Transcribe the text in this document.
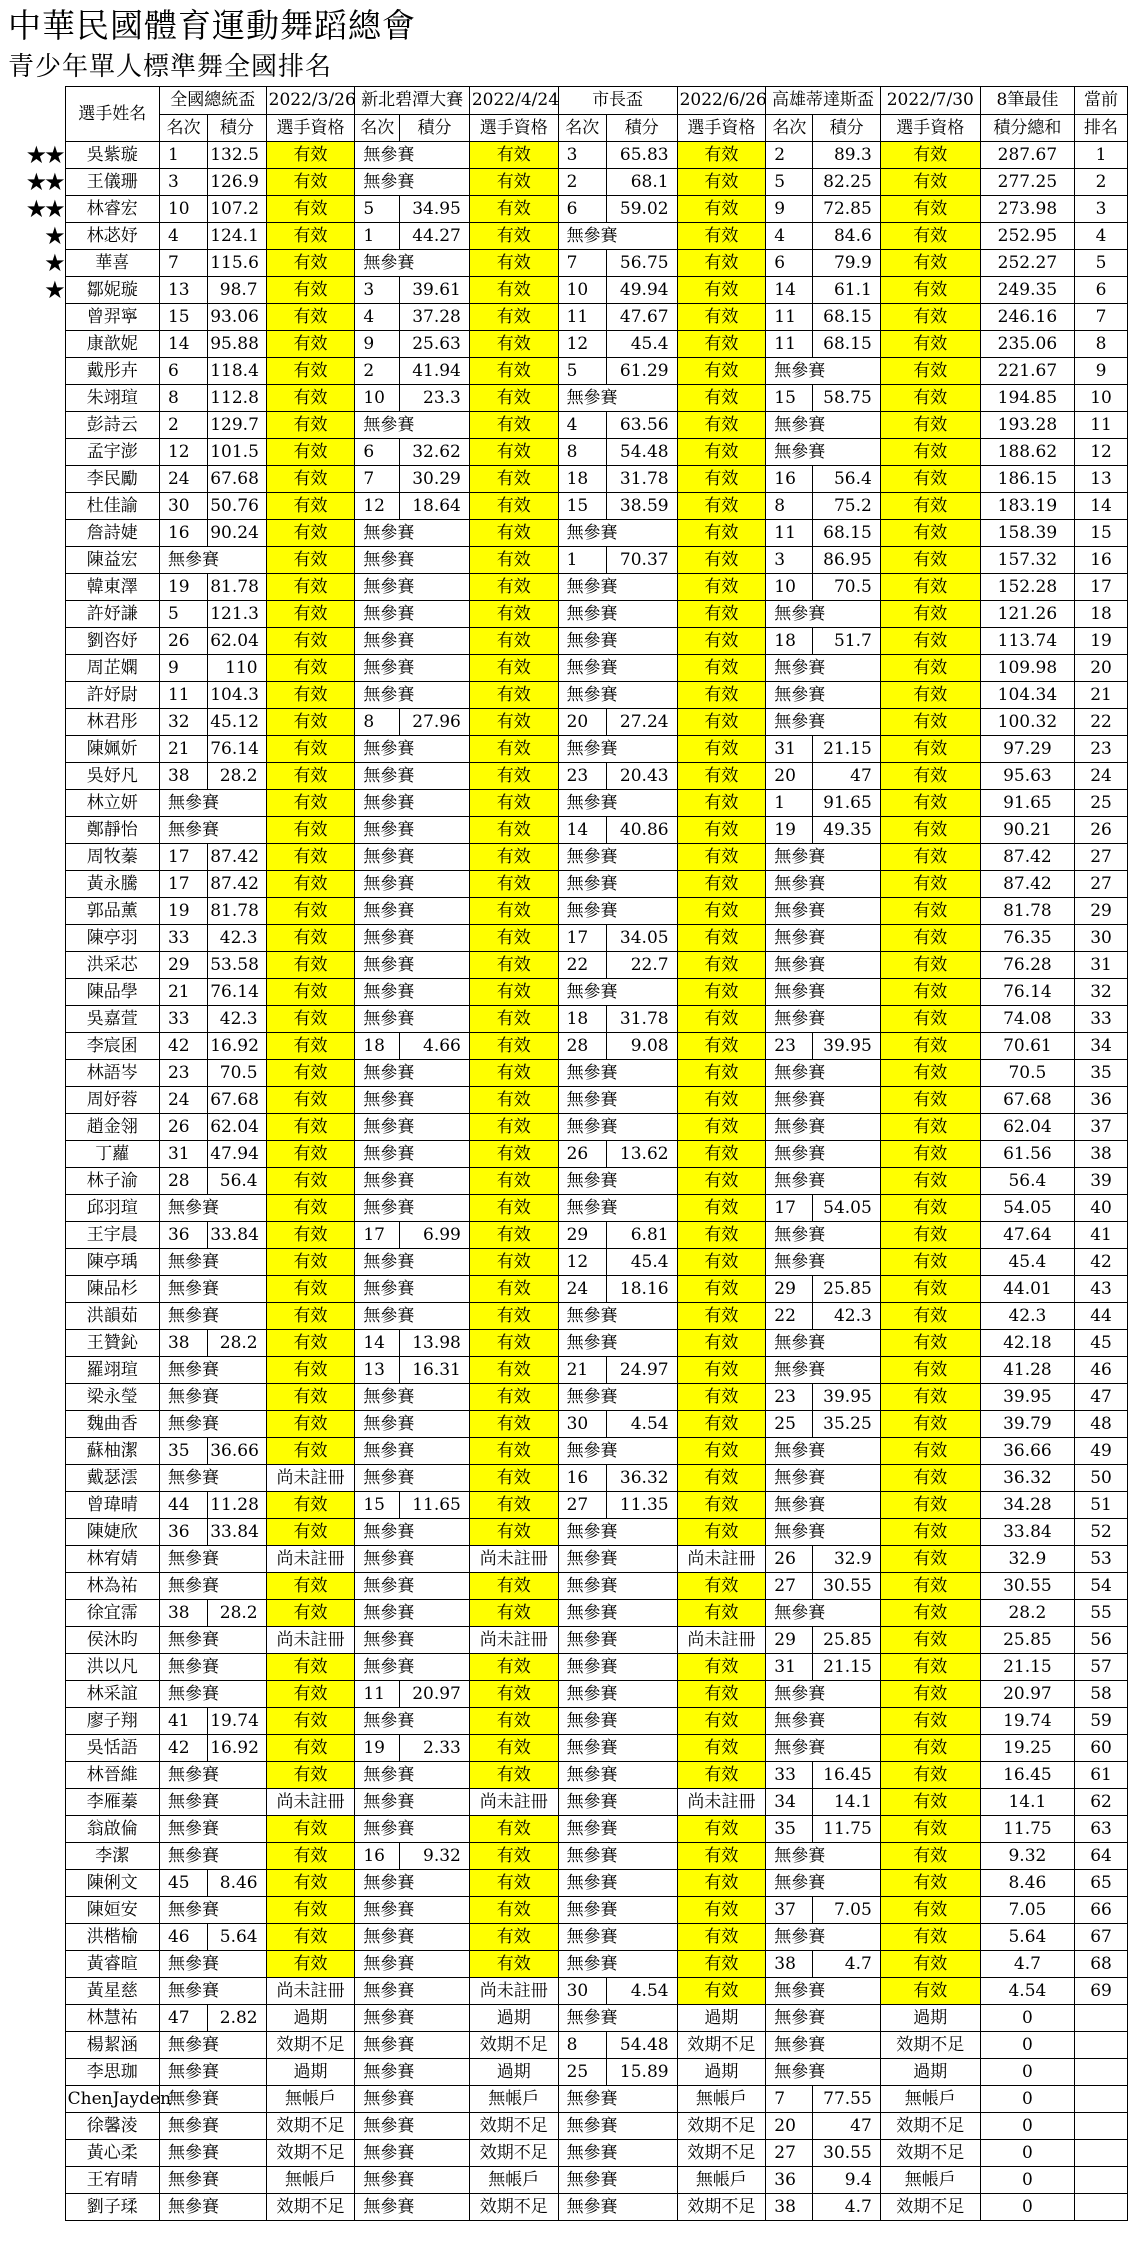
中華民國體育運動舞蹈總會
青少年單人標準舞全國排名
	選手姓名	全國總統盃		2022/3/26	新北碧潭大賽		2022/4/24	市長盃		2022/6/26	高雄蒂達斯盃		2022/7/30	8筆最佳	當前
		名次	積分	選手資格	名次	積分	選手資格	名次	積分	選手資格	名次	積分	選手資格	積分總和	排名
★★	吳紫璇	1	132.5	有效	無參賽		有效	3	65.83	有效	2	89.3	有效	287.67	1
★★	王儀珊	3	126.9	有效	無參賽		有效	2	68.1	有效	5	82.25	有效	277.25	2
★★	林睿宏	10	107.2	有效	5	34.95	有效	6	59.02	有效	9	72.85	有效	273.98	3
★	林苾妤	4	124.1	有效	1	44.27	有效	無參賽		有效	4	84.6	有效	252.95	4
★	華喜	7	115.6	有效	無參賽		有效	7	56.75	有效	6	79.9	有效	252.27	5
★	鄒妮璇	13	98.7	有效	3	39.61	有效	10	49.94	有效	14	61.1	有效	249.35	6
	曾羿寧	15	93.06	有效	4	37.28	有效	11	47.67	有效	11	68.15	有效	246.16	7
	康歆妮	14	95.88	有效	9	25.63	有效	12	45.4	有效	11	68.15	有效	235.06	8
	戴彤卉	6	118.4	有效	2	41.94	有效	5	61.29	有效	無參賽		有效	221.67	9
	朱翊瑄	8	112.8	有效	10	23.3	有效	無參賽		有效	15	58.75	有效	194.85	10
	彭詩云	2	129.7	有效	無參賽		有效	4	63.56	有效	無參賽		有效	193.28	11
	孟宇澎	12	101.5	有效	6	32.62	有效	8	54.48	有效	無參賽		有效	188.62	12
	李民勵	24	67.68	有效	7	30.29	有效	18	31.78	有效	16	56.4	有效	186.15	13
	杜佳諭	30	50.76	有效	12	18.64	有效	15	38.59	有效	8	75.2	有效	183.19	14
	詹詩婕	16	90.24	有效	無參賽		有效	無參賽		有效	11	68.15	有效	158.39	15
	陳益宏	無參賽		有效	無參賽		有效	1	70.37	有效	3	86.95	有效	157.32	16
	韓東澤	19	81.78	有效	無參賽		有效	無參賽		有效	10	70.5	有效	152.28	17
	許妤謙	5	121.3	有效	無參賽		有效	無參賽		有效	無參賽		有效	121.26	18
	劉咨妤	26	62.04	有效	無參賽		有效	無參賽		有效	18	51.7	有效	113.74	19
	周芷嫻	9	110	有效	無參賽		有效	無參賽		有效	無參賽		有效	109.98	20
	許妤尉	11	104.3	有效	無參賽		有效	無參賽		有效	無參賽		有效	104.34	21
	林君彤	32	45.12	有效	8	27.96	有效	20	27.24	有效	無參賽		有效	100.32	22
	陳姵妡	21	76.14	有效	無參賽		有效	無參賽		有效	31	21.15	有效	97.29	23
	吳妤凡	38	28.2	有效	無參賽		有效	23	20.43	有效	20	47	有效	95.63	24
	林立妍	無參賽		有效	無參賽		有效	無參賽		有效	1	91.65	有效	91.65	25
	鄭靜怡	無參賽		有效	無參賽		有效	14	40.86	有效	19	49.35	有效	90.21	26
	周牧蓁	17	87.42	有效	無參賽		有效	無參賽		有效	無參賽		有效	87.42	27
	黃永騰	17	87.42	有效	無參賽		有效	無參賽		有效	無參賽		有效	87.42	27
	郭品薰	19	81.78	有效	無參賽		有效	無參賽		有效	無參賽		有效	81.78	29
	陳亭羽	33	42.3	有效	無參賽		有效	17	34.05	有效	無參賽		有效	76.35	30
	洪采芯	29	53.58	有效	無參賽		有效	22	22.7	有效	無參賽		有效	76.28	31
	陳品學	21	76.14	有效	無參賽		有效	無參賽		有效	無參賽		有效	76.14	32
	吳嘉萱	33	42.3	有效	無參賽		有效	18	31.78	有效	無參賽		有效	74.08	33
	李宸囷	42	16.92	有效	18	4.66	有效	28	9.08	有效	23	39.95	有效	70.61	34
	林語岑	23	70.5	有效	無參賽		有效	無參賽		有效	無參賽		有效	70.5	35
	周妤蓉	24	67.68	有效	無參賽		有效	無參賽		有效	無參賽		有效	67.68	36
	趙金翎	26	62.04	有效	無參賽		有效	無參賽		有效	無參賽		有效	62.04	37
	丁蘿	31	47.94	有效	無參賽		有效	26	13.62	有效	無參賽		有效	61.56	38
	林子渝	28	56.4	有效	無參賽		有效	無參賽		有效	無參賽		有效	56.4	39
	邱羽瑄	無參賽		有效	無參賽		有效	無參賽		有效	17	54.05	有效	54.05	40
	王宇晨	36	33.84	有效	17	6.99	有效	29	6.81	有效	無參賽		有效	47.64	41
	陳亭瑀	無參賽		有效	無參賽		有效	12	45.4	有效	無參賽		有效	45.4	42
	陳品杉	無參賽		有效	無參賽		有效	24	18.16	有效	29	25.85	有效	44.01	43
	洪韻茹	無參賽		有效	無參賽		有效	無參賽		有效	22	42.3	有效	42.3	44
	王贊鈊	38	28.2	有效	14	13.98	有效	無參賽		有效	無參賽		有效	42.18	45
	羅翊瑄	無參賽		有效	13	16.31	有效	21	24.97	有效	無參賽		有效	41.28	46
	梁永瑩	無參賽		有效	無參賽		有效	無參賽		有效	23	39.95	有效	39.95	47
	魏曲香	無參賽		有效	無參賽		有效	30	4.54	有效	25	35.25	有效	39.79	48
	蘇柚潔	35	36.66	有效	無參賽		有效	無參賽		有效	無參賽		有效	36.66	49
	戴瑟澐	無參賽		尚未註冊	無參賽		有效	16	36.32	有效	無參賽		有效	36.32	50
	曾瑋晴	44	11.28	有效	15	11.65	有效	27	11.35	有效	無參賽		有效	34.28	51
	陳婕欣	36	33.84	有效	無參賽		有效	無參賽		有效	無參賽		有效	33.84	52
	林宥婧	無參賽		尚未註冊	無參賽		尚未註冊	無參賽		尚未註冊	26	32.9	有效	32.9	53
	林為祐	無參賽		有效	無參賽		有效	無參賽		有效	27	30.55	有效	30.55	54
	徐宜霈	38	28.2	有效	無參賽		有效	無參賽		有效	無參賽		有效	28.2	55
	侯沐昀	無參賽		尚未註冊	無參賽		尚未註冊	無參賽		尚未註冊	29	25.85	有效	25.85	56
	洪以凡	無參賽		有效	無參賽		有效	無參賽		有效	31	21.15	有效	21.15	57
	林采誼	無參賽		有效	11	20.97	有效	無參賽		有效	無參賽		有效	20.97	58
	廖子翔	41	19.74	有效	無參賽		有效	無參賽		有效	無參賽		有效	19.74	59
	吳恬語	42	16.92	有效	19	2.33	有效	無參賽		有效	無參賽		有效	19.25	60
	林晉維	無參賽		有效	無參賽		有效	無參賽		有效	33	16.45	有效	16.45	61
	李雁蓁	無參賽		尚未註冊	無參賽		尚未註冊	無參賽		尚未註冊	34	14.1	有效	14.1	62
	翁啟倫	無參賽		有效	無參賽		有效	無參賽		有效	35	11.75	有效	11.75	63
	李潔	無參賽		有效	16	9.32	有效	無參賽		有效	無參賽		有效	9.32	64
	陳俐文	45	8.46	有效	無參賽		有效	無參賽		有效	無參賽		有效	8.46	65
	陳姮安	無參賽		有效	無參賽		有效	無參賽		有效	37	7.05	有效	7.05	66
	洪楷榆	46	5.64	有效	無參賽		有效	無參賽		有效	無參賽		有效	5.64	67
	黃睿暄	無參賽		有效	無參賽		有效	無參賽		有效	38	4.7	有效	4.7	68
	黃星慈	無參賽		尚未註冊	無參賽		尚未註冊	30	4.54	有效	無參賽		有效	4.54	69
	林慧祐	47	2.82	過期	無參賽		過期	無參賽		過期	無參賽		過期	0	
	楊絜涵	無參賽		效期不足	無參賽		效期不足	8	54.48	效期不足	無參賽		效期不足	0	
	李思珈	無參賽		過期	無參賽		過期	25	15.89	過期	無參賽		過期	0	
	ChenJayden	無參賽		無帳戶	無參賽		無帳戶	無參賽		無帳戶	7	77.55	無帳戶	0	
	徐馨淩	無參賽		效期不足	無參賽		效期不足	無參賽		效期不足	20	47	效期不足	0	
	黃心柔	無參賽		效期不足	無參賽		效期不足	無參賽		效期不足	27	30.55	效期不足	0	
	王宥晴	無參賽		無帳戶	無參賽		無帳戶	無參賽		無帳戶	36	9.4	無帳戶	0	
	劉子瑈	無參賽		效期不足	無參賽		效期不足	無參賽		效期不足	38	4.7	效期不足	0	
